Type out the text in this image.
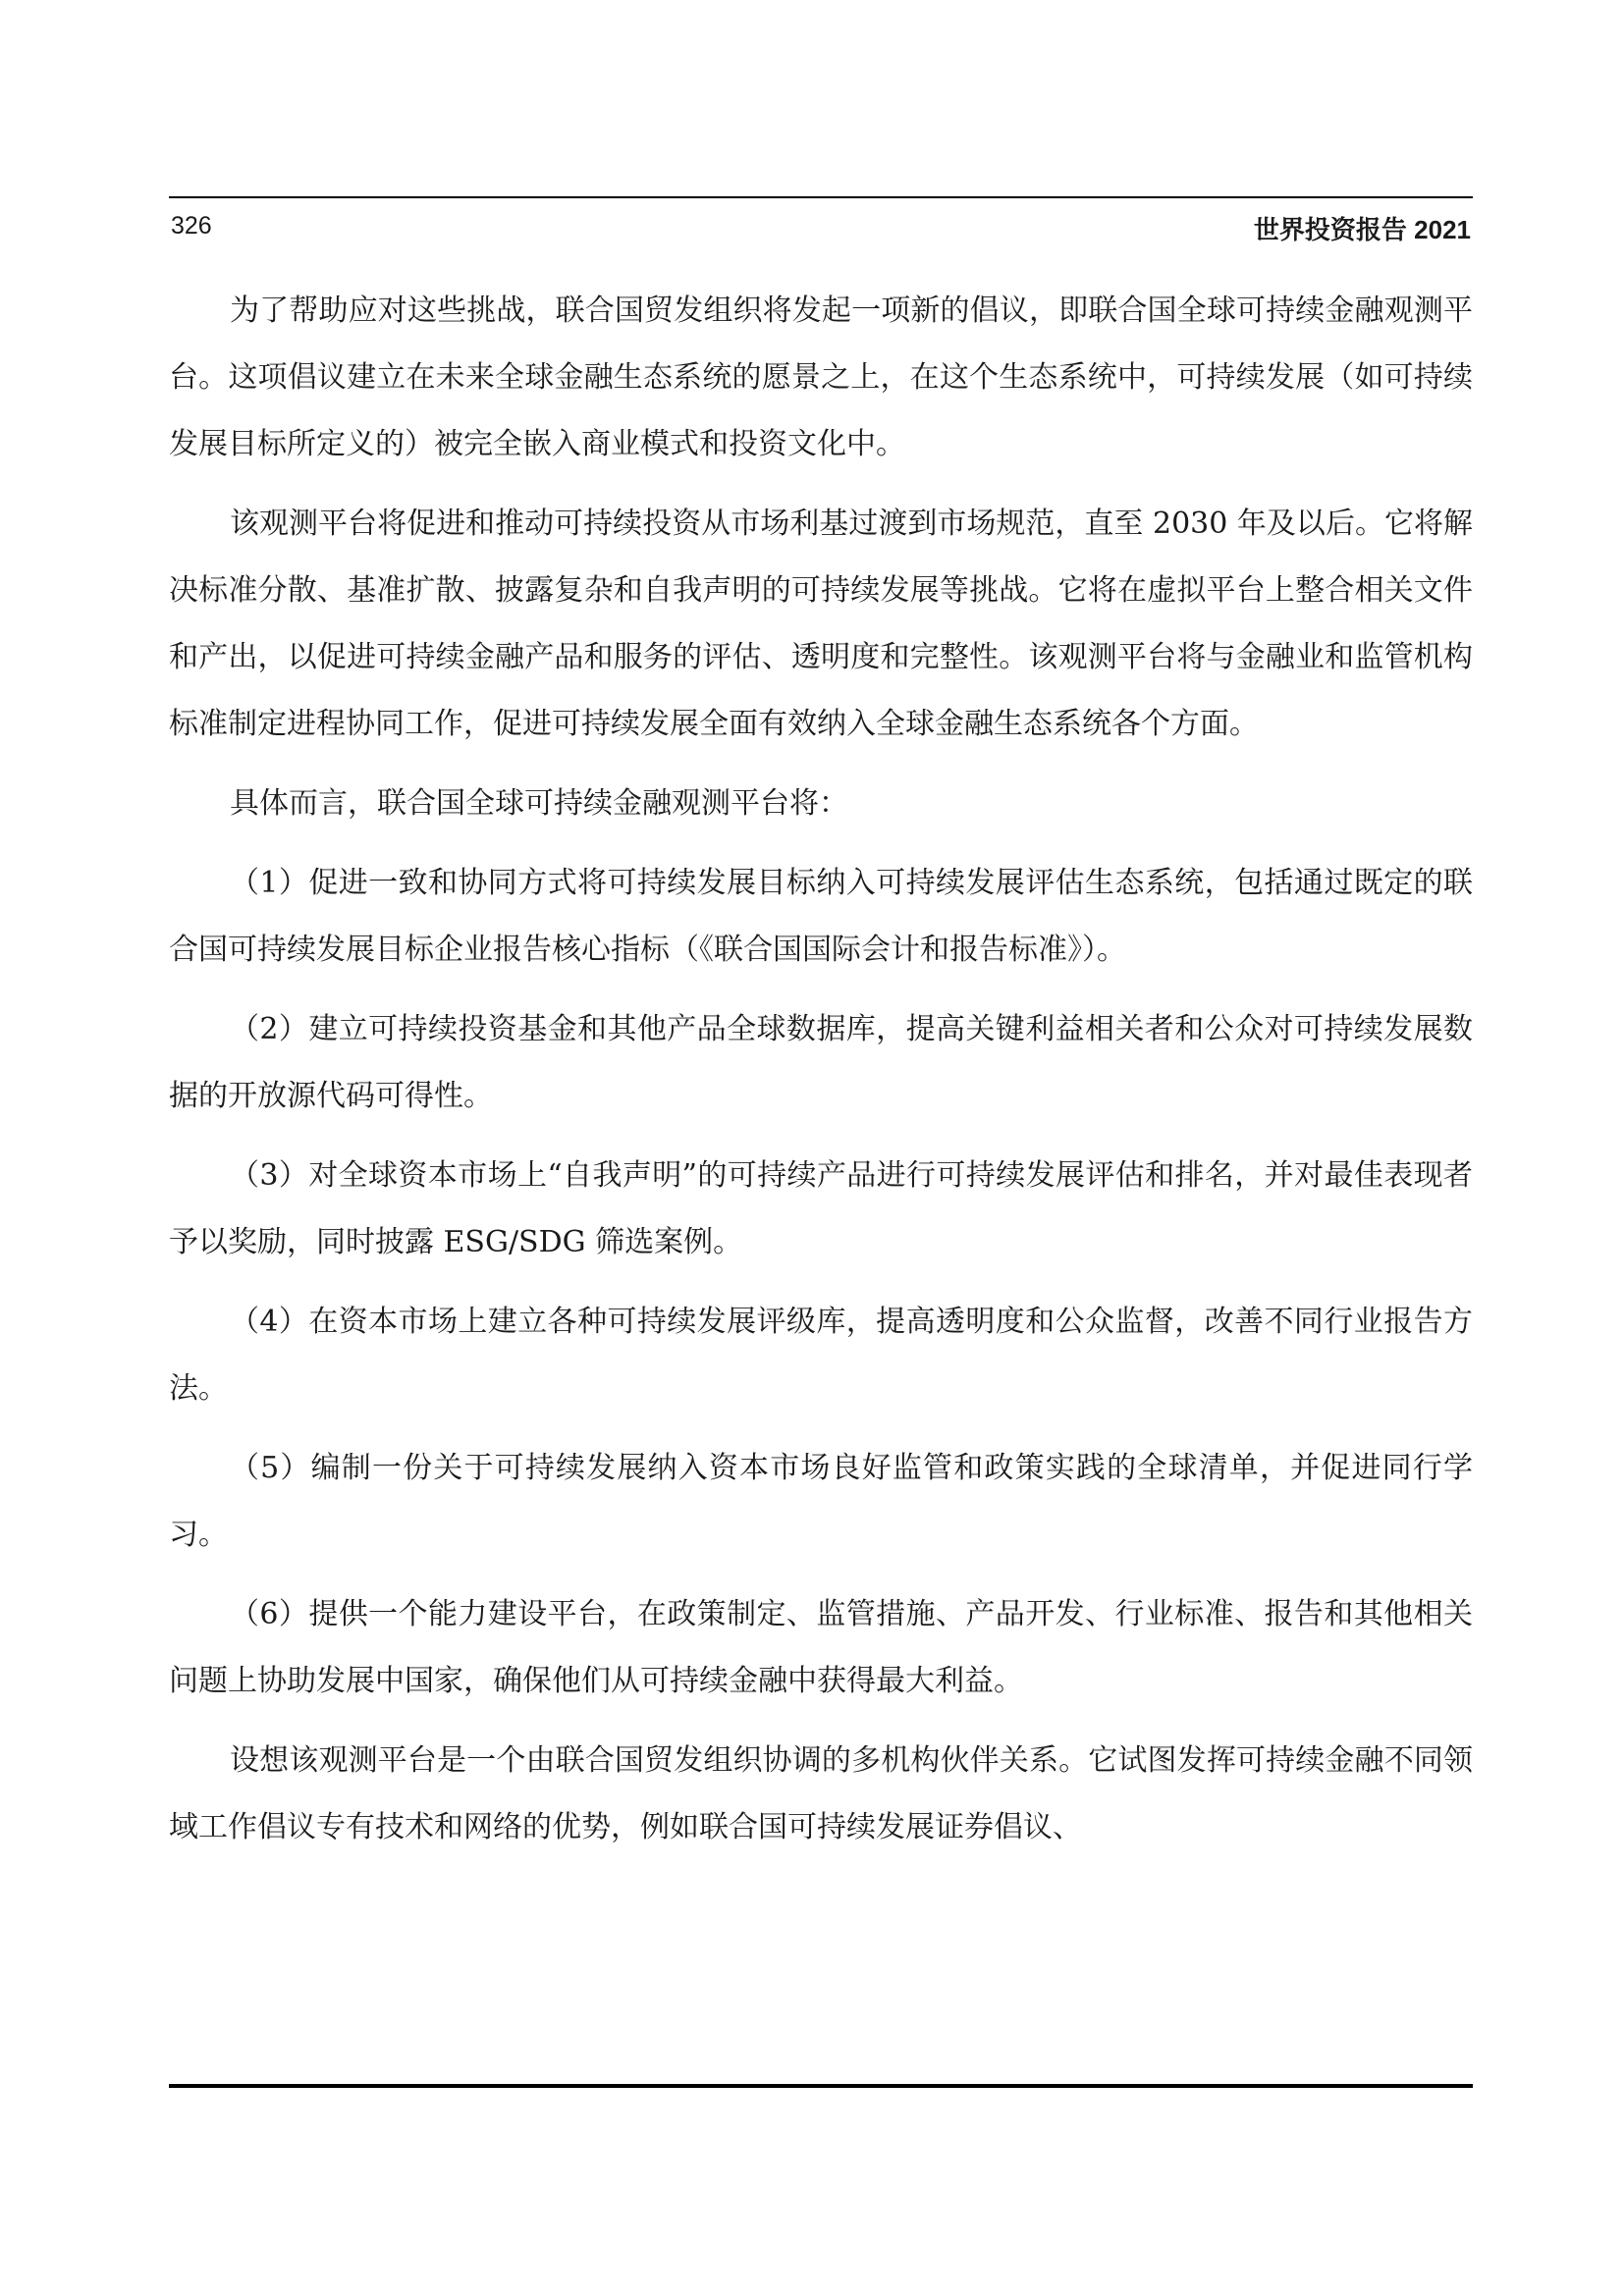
326	世界投资报告 2021

为了帮助应对这些挑战，联合国贸发组织将发起一项新的倡议，即联合国全球可持续金融观测平台。这项倡议建立在未来全球金融生态系统的愿景之上，在这个生态系统中，可持续发展（如可持续发展目标所定义的）被完全嵌入商业模式和投资文化中。

该观测平台将促进和推动可持续投资从市场利基过渡到市场规范，直至 2030 年及以后。它将解决标准分散、基准扩散、披露复杂和自我声明的可持续发展等挑战。它将在虚拟平台上整合相关文件和产出，以促进可持续金融产品和服务的评估、透明度和完整性。该观测平台将与金融业和监管机构标准制定进程协同工作，促进可持续发展全面有效纳入全球金融生态系统各个方面。

具体而言，联合国全球可持续金融观测平台将：

（1）促进一致和协同方式将可持续发展目标纳入可持续发展评估生态系统，包括通过既定的联合国可持续发展目标企业报告核心指标（《联合国国际会计和报告标准》）。

（2）建立可持续投资基金和其他产品全球数据库，提高关键利益相关者和公众对可持续发展数据的开放源代码可得性。

（3）对全球资本市场上“自我声明”的可持续产品进行可持续发展评估和排名，并对最佳表现者予以奖励，同时披露 ESG/SDG 筛选案例。

（4）在资本市场上建立各种可持续发展评级库，提高透明度和公众监督，改善不同行业报告方法。

（5）编制一份关于可持续发展纳入资本市场良好监管和政策实践的全球清单，并促进同行学习。

（6）提供一个能力建设平台，在政策制定、监管措施、产品开发、行业标准、报告和其他相关问题上协助发展中国家，确保他们从可持续金融中获得最大利益。

设想该观测平台是一个由联合国贸发组织协调的多机构伙伴关系。它试图发挥可持续金融不同领域工作倡议专有技术和网络的优势，例如联合国可持续发展证券倡议、
